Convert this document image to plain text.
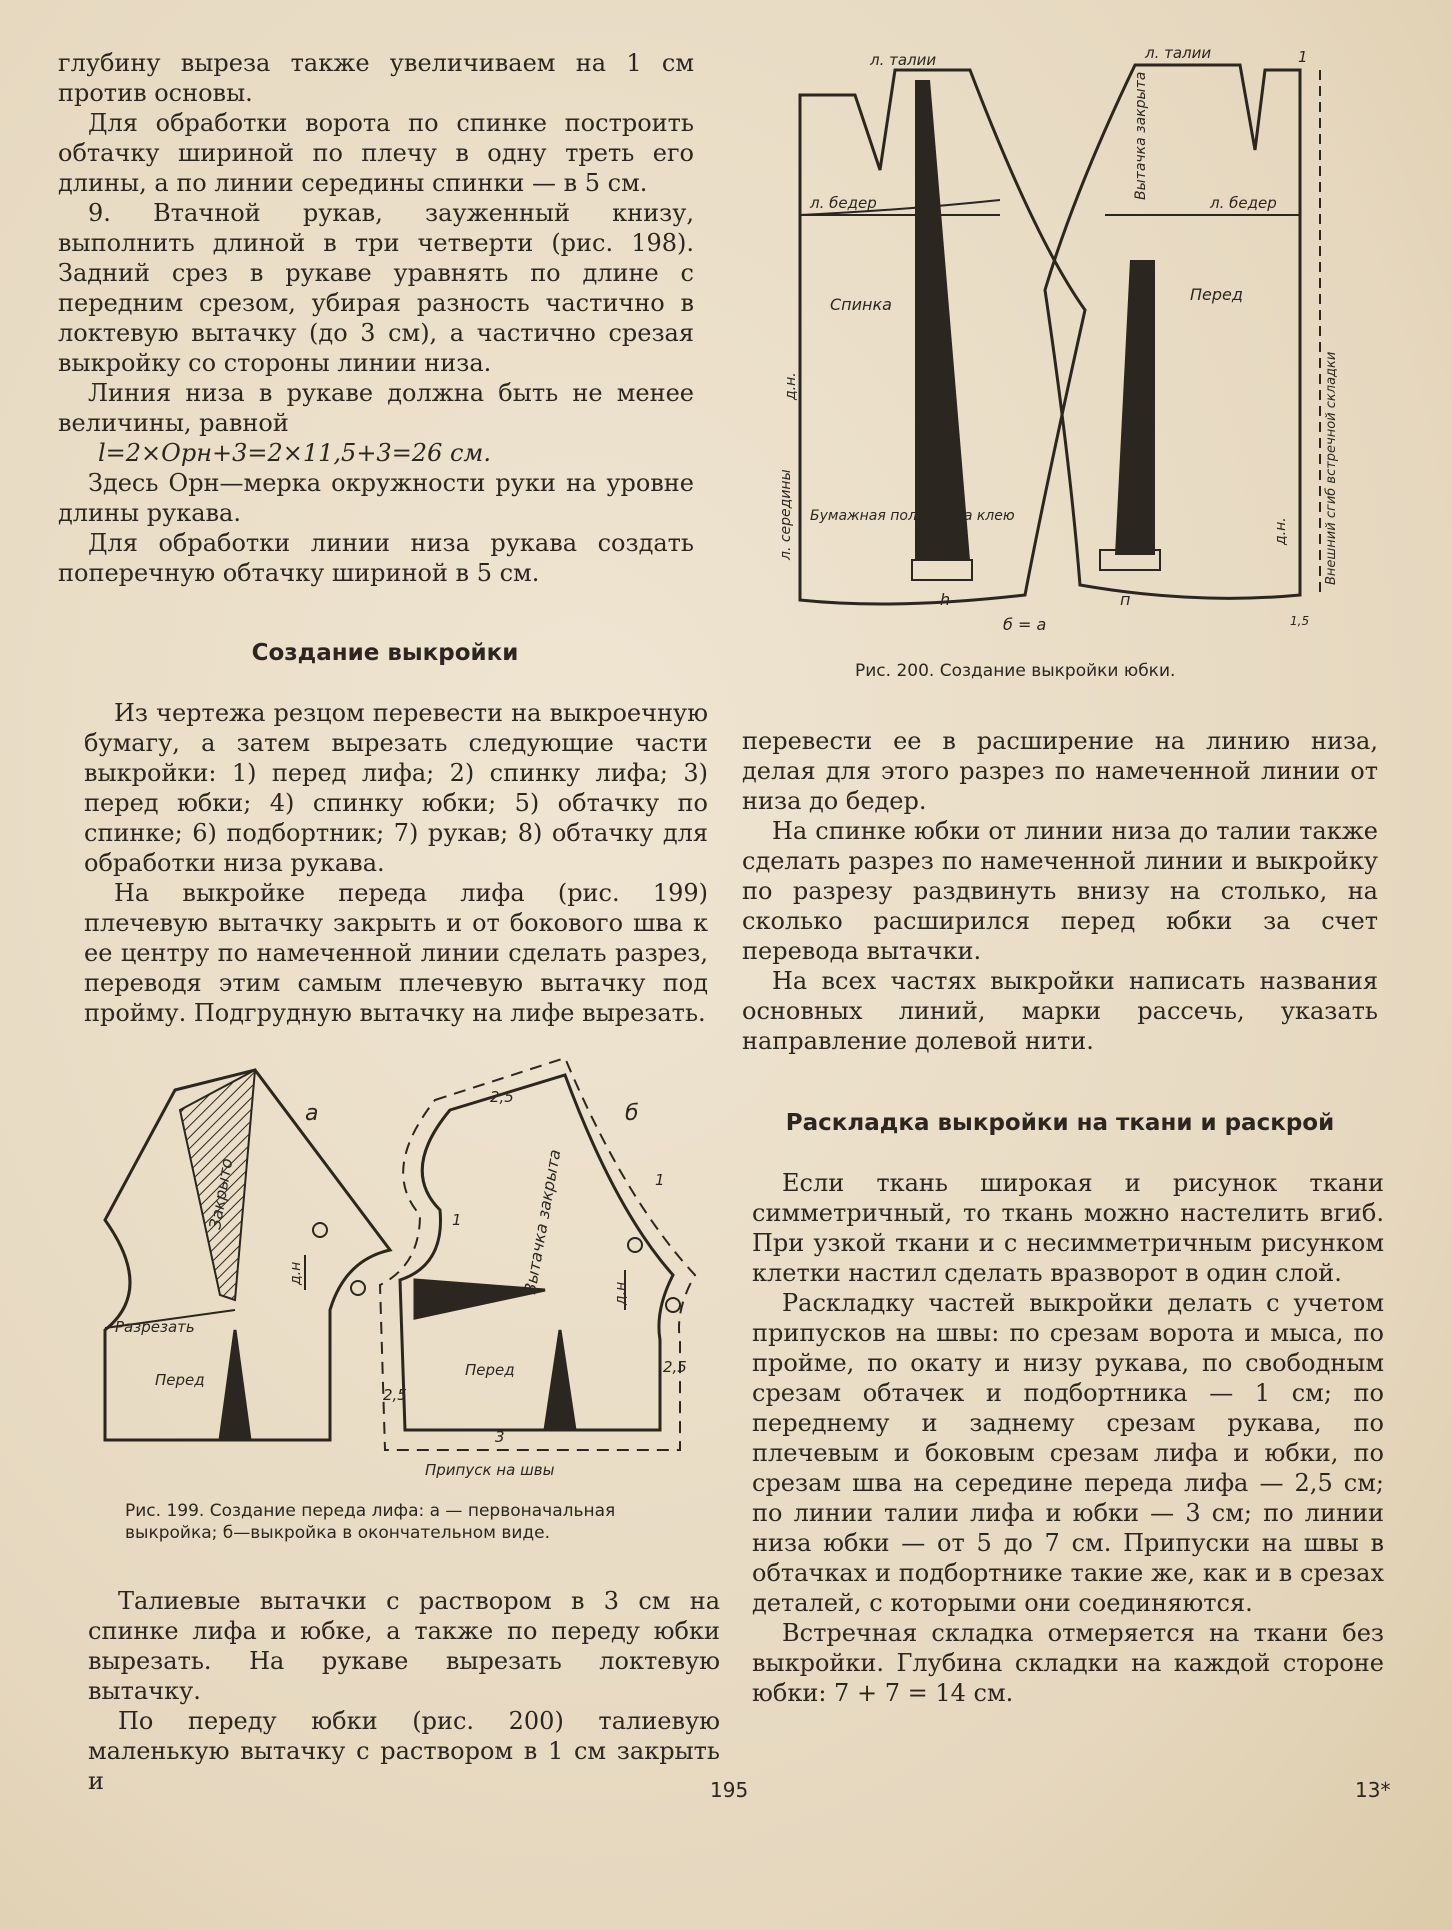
глубину выреза также увеличиваем на 1 см против основы.

Для обработки ворота по спинке построить обтачку шириной по плечу в одну треть его длины, а по линии середины спинки — в 5 см.

9. Втачной рукав, зауженный книзу, выполнить длиной в три четверти (рис. 198). Задний срез в рукаве уравнять по длине с передним срезом, убирая разность частично в локтевую вытачку (до 3 см), а частично срезая выкройку со стороны линии низа.

Линия низа в рукаве должна быть не менее величины, равной

l=2×Орн+3=2×11,5+3=26 см.

Здесь Орн—мерка окружности руки на уровне длины рукава.

Для обработки линии низа рукава создать поперечную обтачку шириной в 5 см.

Создание выкройки

Из чертежа резцом перевести на выкроечную бумагу, а затем вырезать следующие части выкройки: 1) перед лифа; 2) спинку лифа; 3) перед юбки; 4) спинку юбки; 5) обтачку по спинке; 6) подбортник; 7) рукав; 8) обтачку для обработки низа рукава.

На выкройке переда лифа (рис. 199) плечевую вытачку закрыть и от бокового шва к ее центру по намеченной линии сделать разрез, переводя этим самым плечевую вытачку под пройму. Подгрудную вытачку на лифе вырезать.

а
Закрыто
Разрезать
Перед
д.н
б
Вытачка закрыта
Перед
д.н
2,5
1
1
2,5
2,5
3
Припуск на швы
Рис. 199. Создание переда лифа: а — первоначальная выкройка; б—выкройка в окончательном виде.

Талиевые вытачки с раствором в 3 см на спинке лифа и юбке, а также по переду юбки вырезать. На рукаве вырезать локтевую вытачку.

По переду юбки (рис. 200) талиевую маленькую вытачку с раствором в 1 см закрыть и

л. талии	л. талии	1
л. бедер	л. бедер
Вытачка закрыта
Спинка
Перед
д.н.
л. середины	д.н.	Внешний сгиб встречной складки
Бумажная полоска на клею
h	п
б = а	1,5
Рис. 200. Создание выкройки юбки.

перевести ее в расширение на линию низа, делая для этого разрез по намеченной линии от низа до бедер.

На спинке юбки от линии низа до талии также сделать разрез по намеченной линии и выкройку по разрезу раздвинуть внизу на столько, на сколько расширился перед юбки за счет перевода вытачки.

На всех частях выкройки написать названия основных линий, марки рассечь, указать направление долевой нити.

Раскладка выкройки на ткани и раскрой

Если ткань широкая и рисунок ткани симметричный, то ткань можно настелить вгиб. При узкой ткани и с несимметричным рисунком клетки настил сделать вразворот в один слой.

Раскладку частей выкройки делать с учетом припусков на швы: по срезам ворота и мыса, по пройме, по окату и низу рукава, по свободным срезам обтачек и подбортника — 1 см; по переднему и заднему срезам рукава, по плечевым и боковым срезам лифа и юбки, по срезам шва на середине переда лифа — 2,5 см; по линии талии лифа и юбки — 3 см; по линии низа юбки — от 5 до 7 см. Припуски на швы в обтачках и подбортнике такие же, как и в срезах деталей, с которыми они соединяются.

Встречная складка отмеряется на ткани без выкройки. Глубина складки на каждой стороне юбки: 7 + 7 = 14 см.

195	13*
